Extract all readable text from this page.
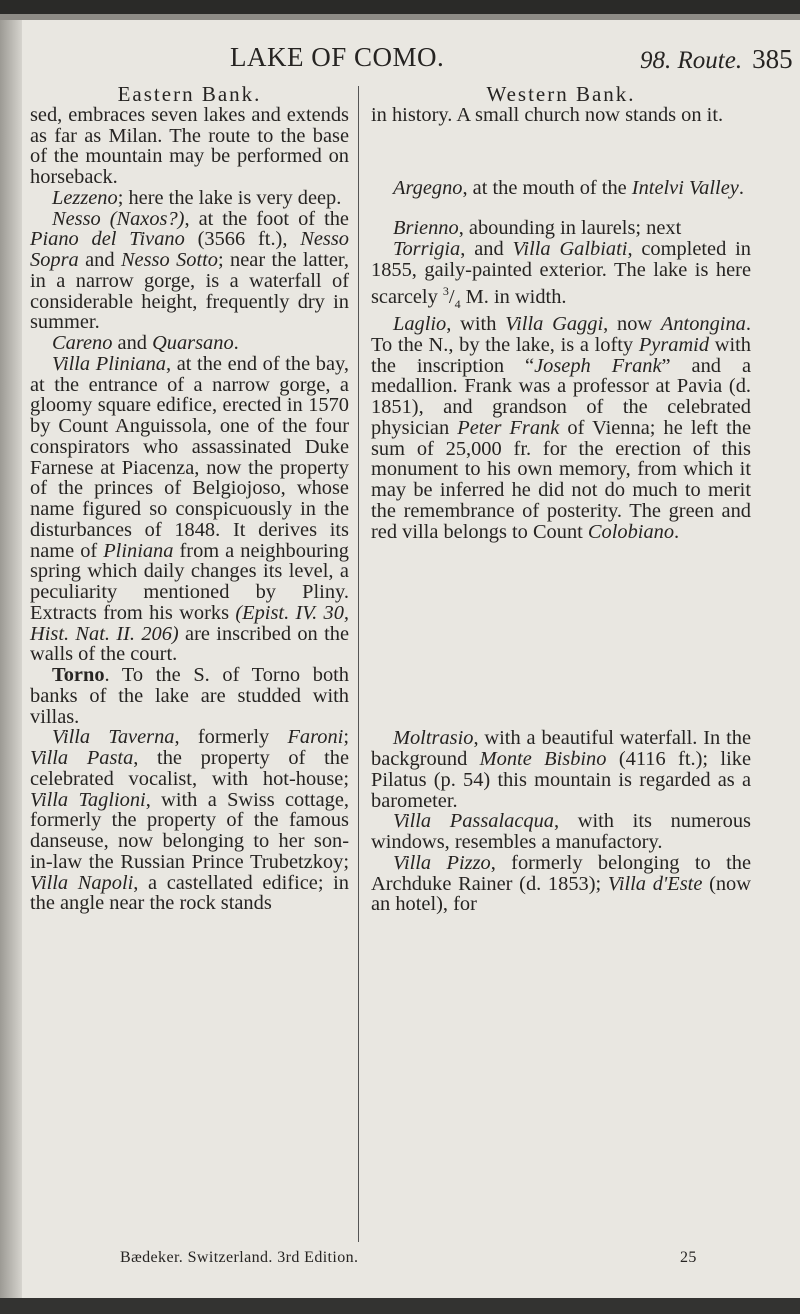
LAKE OF COMO.	98. Route. 385

Eastern Bank.

sed, embraces seven lakes and extends as far as Milan. The route to the base of the mountain may be performed on horseback.

Lezzeno; here the lake is very deep.

Nesso (Naxos?), at the foot of the Piano del Tivano (3566 ft.), Nesso Sopra and Nesso Sotto; near the latter, in a narrow gorge, is a waterfall of considerable height, frequently dry in summer.

Careno and Quarsano.

Villa Pliniana, at the end of the bay, at the entrance of a narrow gorge, a gloomy square edifice, erected in 1570 by Count Anguissola, one of the four conspirators who assassinated Duke Farnese at Piacenza, now the property of the princes of Belgiojoso, whose name figured so conspicuously in the disturbances of 1848. It derives its name of Pliniana from a neighbouring spring which daily changes its level, a peculiarity mentioned by Pliny. Extracts from his works (Epist. IV. 30, Hist. Nat. II. 206) are inscribed on the walls of the court.

Torno. To the S. of Torno both banks of the lake are studded with villas.

Villa Taverna, formerly Faroni; Villa Pasta, the property of the celebrated vocalist, with hot-house; Villa Taglioni, with a Swiss cottage, formerly the property of the famous danseuse, now belonging to her son-in-law the Russian Prince Trubetzkoy; Villa Napoli, a castellated edifice; in the angle near the rock stands

Western Bank.

in history. A small church now stands on it.

Argegno, at the mouth of the Intelvi Valley.

Brienno, abounding in laurels; next

Torrigia, and Villa Galbiati, completed in 1855, gaily-painted exterior. The lake is here scarcely $^3/_4$ M. in width.

Laglio, with Villa Gaggi, now Antongina. To the N., by the lake, is a lofty Pyramid with the inscription “Joseph Frank” and a medallion. Frank was a professor at Pavia (d. 1851), and grandson of the celebrated physician Peter Frank of Vienna; he left the sum of 25,000 fr. for the erection of this monument to his own memory, from which it may be inferred he did not do much to merit the remembrance of posterity. The green and red villa belongs to Count Colobiano.

Moltrasio, with a beautiful waterfall. In the background Monte Bisbino (4116 ft.); like Pilatus (p. 54) this mountain is regarded as a barometer.

Villa Passalacqua, with its numerous windows, resembles a manufactory.

Villa Pizzo, formerly belonging to the Archduke Rainer (d. 1853); Villa d'Este (now an hotel), for

Bædeker. Switzerland. 3rd Edition.	25
